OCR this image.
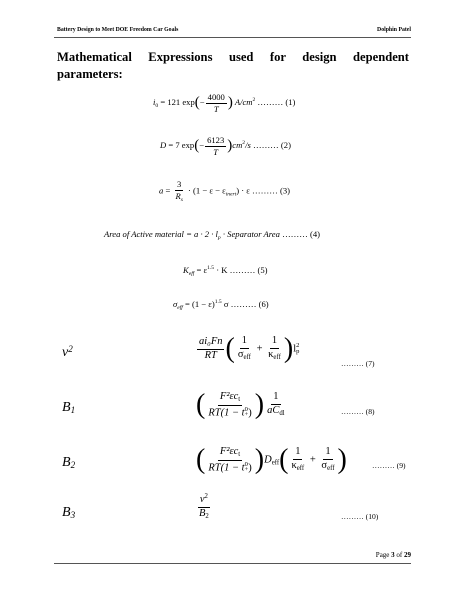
Battery Design to Meet DOE Freedom Car Goals	Dolphin Patel
Mathematical Expressions used for design dependent parameters:
$i_0 = 121$ $\exp(- \frac{4000}{T}$ ) $A/cm^2$ ……… (1)
D = 7 $\exp(- \frac{6123}{T} )cm^2/s$ ……… (2)
$a = \frac{3}{R_s} \cdot (1 - \varepsilon - \varepsilon_{inert}) \cdot \varepsilon$ ……… (3)
Area of Active material = $a \cdot 2 \cdot l_p$ · Separator Area ……… (4)
$K_{eff} = \varepsilon^{1.5} \cdot K$ ……… (5)
$\sigma_{eff} = (1 - \varepsilon)^{1.5}$ σ ……… (6)
$\nu^2$
$B_1$
$B_2$
$B_3$
$\frac{\text{ai₀Fn}}{RT}$ ( $\frac{1}{\sigma_{eff}} + \frac{1}{\kappa_{eff}} )l$ 2
p
……… (7)
( $F^2\varepsilon c_t$
RT(1 − t 0
+ ) ) $\frac{1}{aC_{dl}}$	……… (8)
( $F^2\varepsilon c_t$
RT(1 − t 0
+ ) )$D_{eff}( \frac{1}{\kappa_{eff}} + \frac{1}{\sigma_{eff}}$ )	……… (9)
$\frac{\nu^2}{B_2}$	……… (10)
Page 3 of 29
